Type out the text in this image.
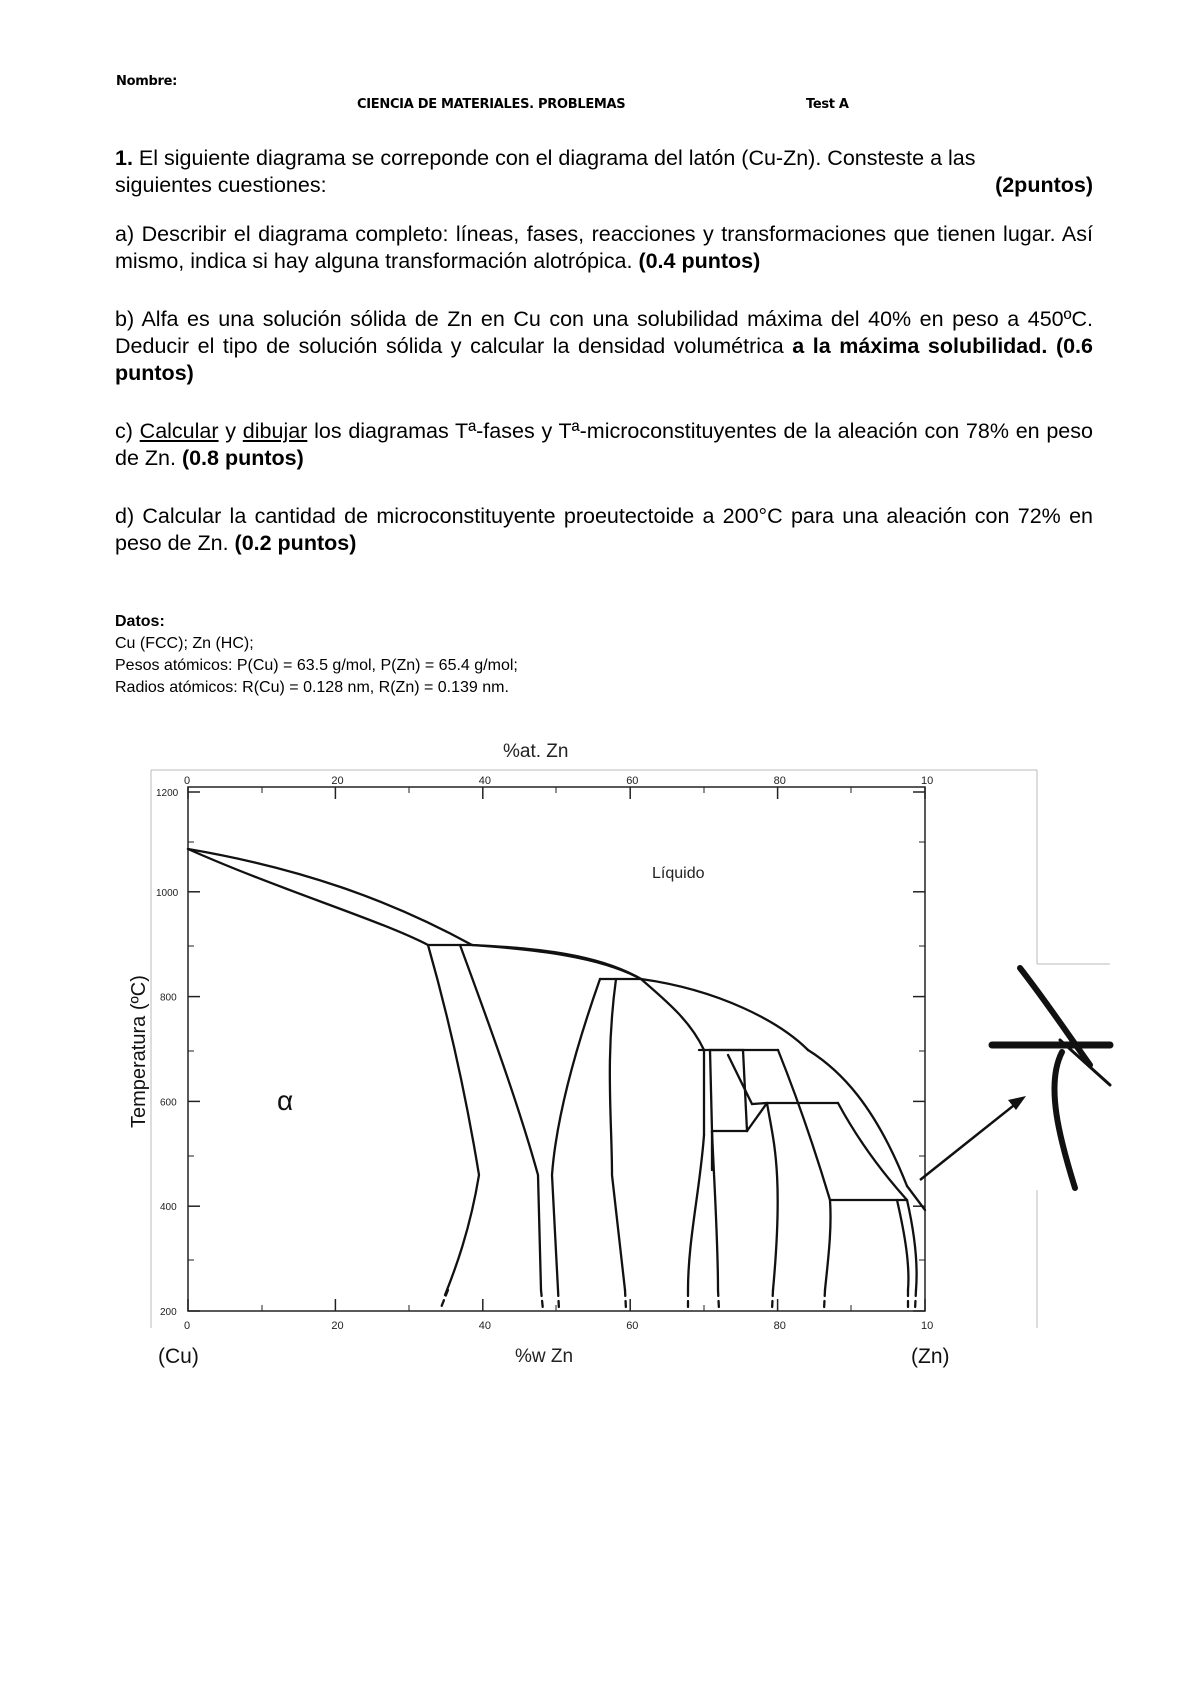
Nombre:
CIENCIA DE MATERIALES. PROBLEMAS	Test A

1. El siguiente diagrama se correponde con el diagrama del latón (Cu-Zn). Consteste a las

siguientes cuestiones:	(2puntos)

a) Describir el diagrama completo: líneas, fases, reacciones y transformaciones que tienen lugar. Así mismo, indica si hay alguna transformación alotrópica. (0.4 puntos)

b) Alfa es una solución sólida de Zn en Cu con una solubilidad máxima del 40% en peso a 450ºC. Deducir el tipo de solución sólida y calcular la densidad volumétrica a la máxima solubilidad. (0.6 puntos)

c) Calcular y dibujar los diagramas Tª-fases y Tª-microconstituyentes de la aleación con 78% en peso de Zn. (0.8 puntos)

d) Calcular la cantidad de microconstituyente proeutectoide a 200°C para una aleación con 72% en peso de Zn. (0.2 puntos)

Datos:
Cu (FCC); Zn (HC);
Pesos atómicos: P(Cu) = 63.5 g/mol, P(Zn) = 65.4 g/mol;
Radios atómicos: R(Cu) = 0.128 nm, R(Zn) = 0.139 nm.
0	20	40	60	80	10
0	20	40	60	80	10
1200
1000
800
600
400
200
%at. Zn
%w Zn
(Cu)	(Zn)
Líquido
α
Temperatura (ºC)
